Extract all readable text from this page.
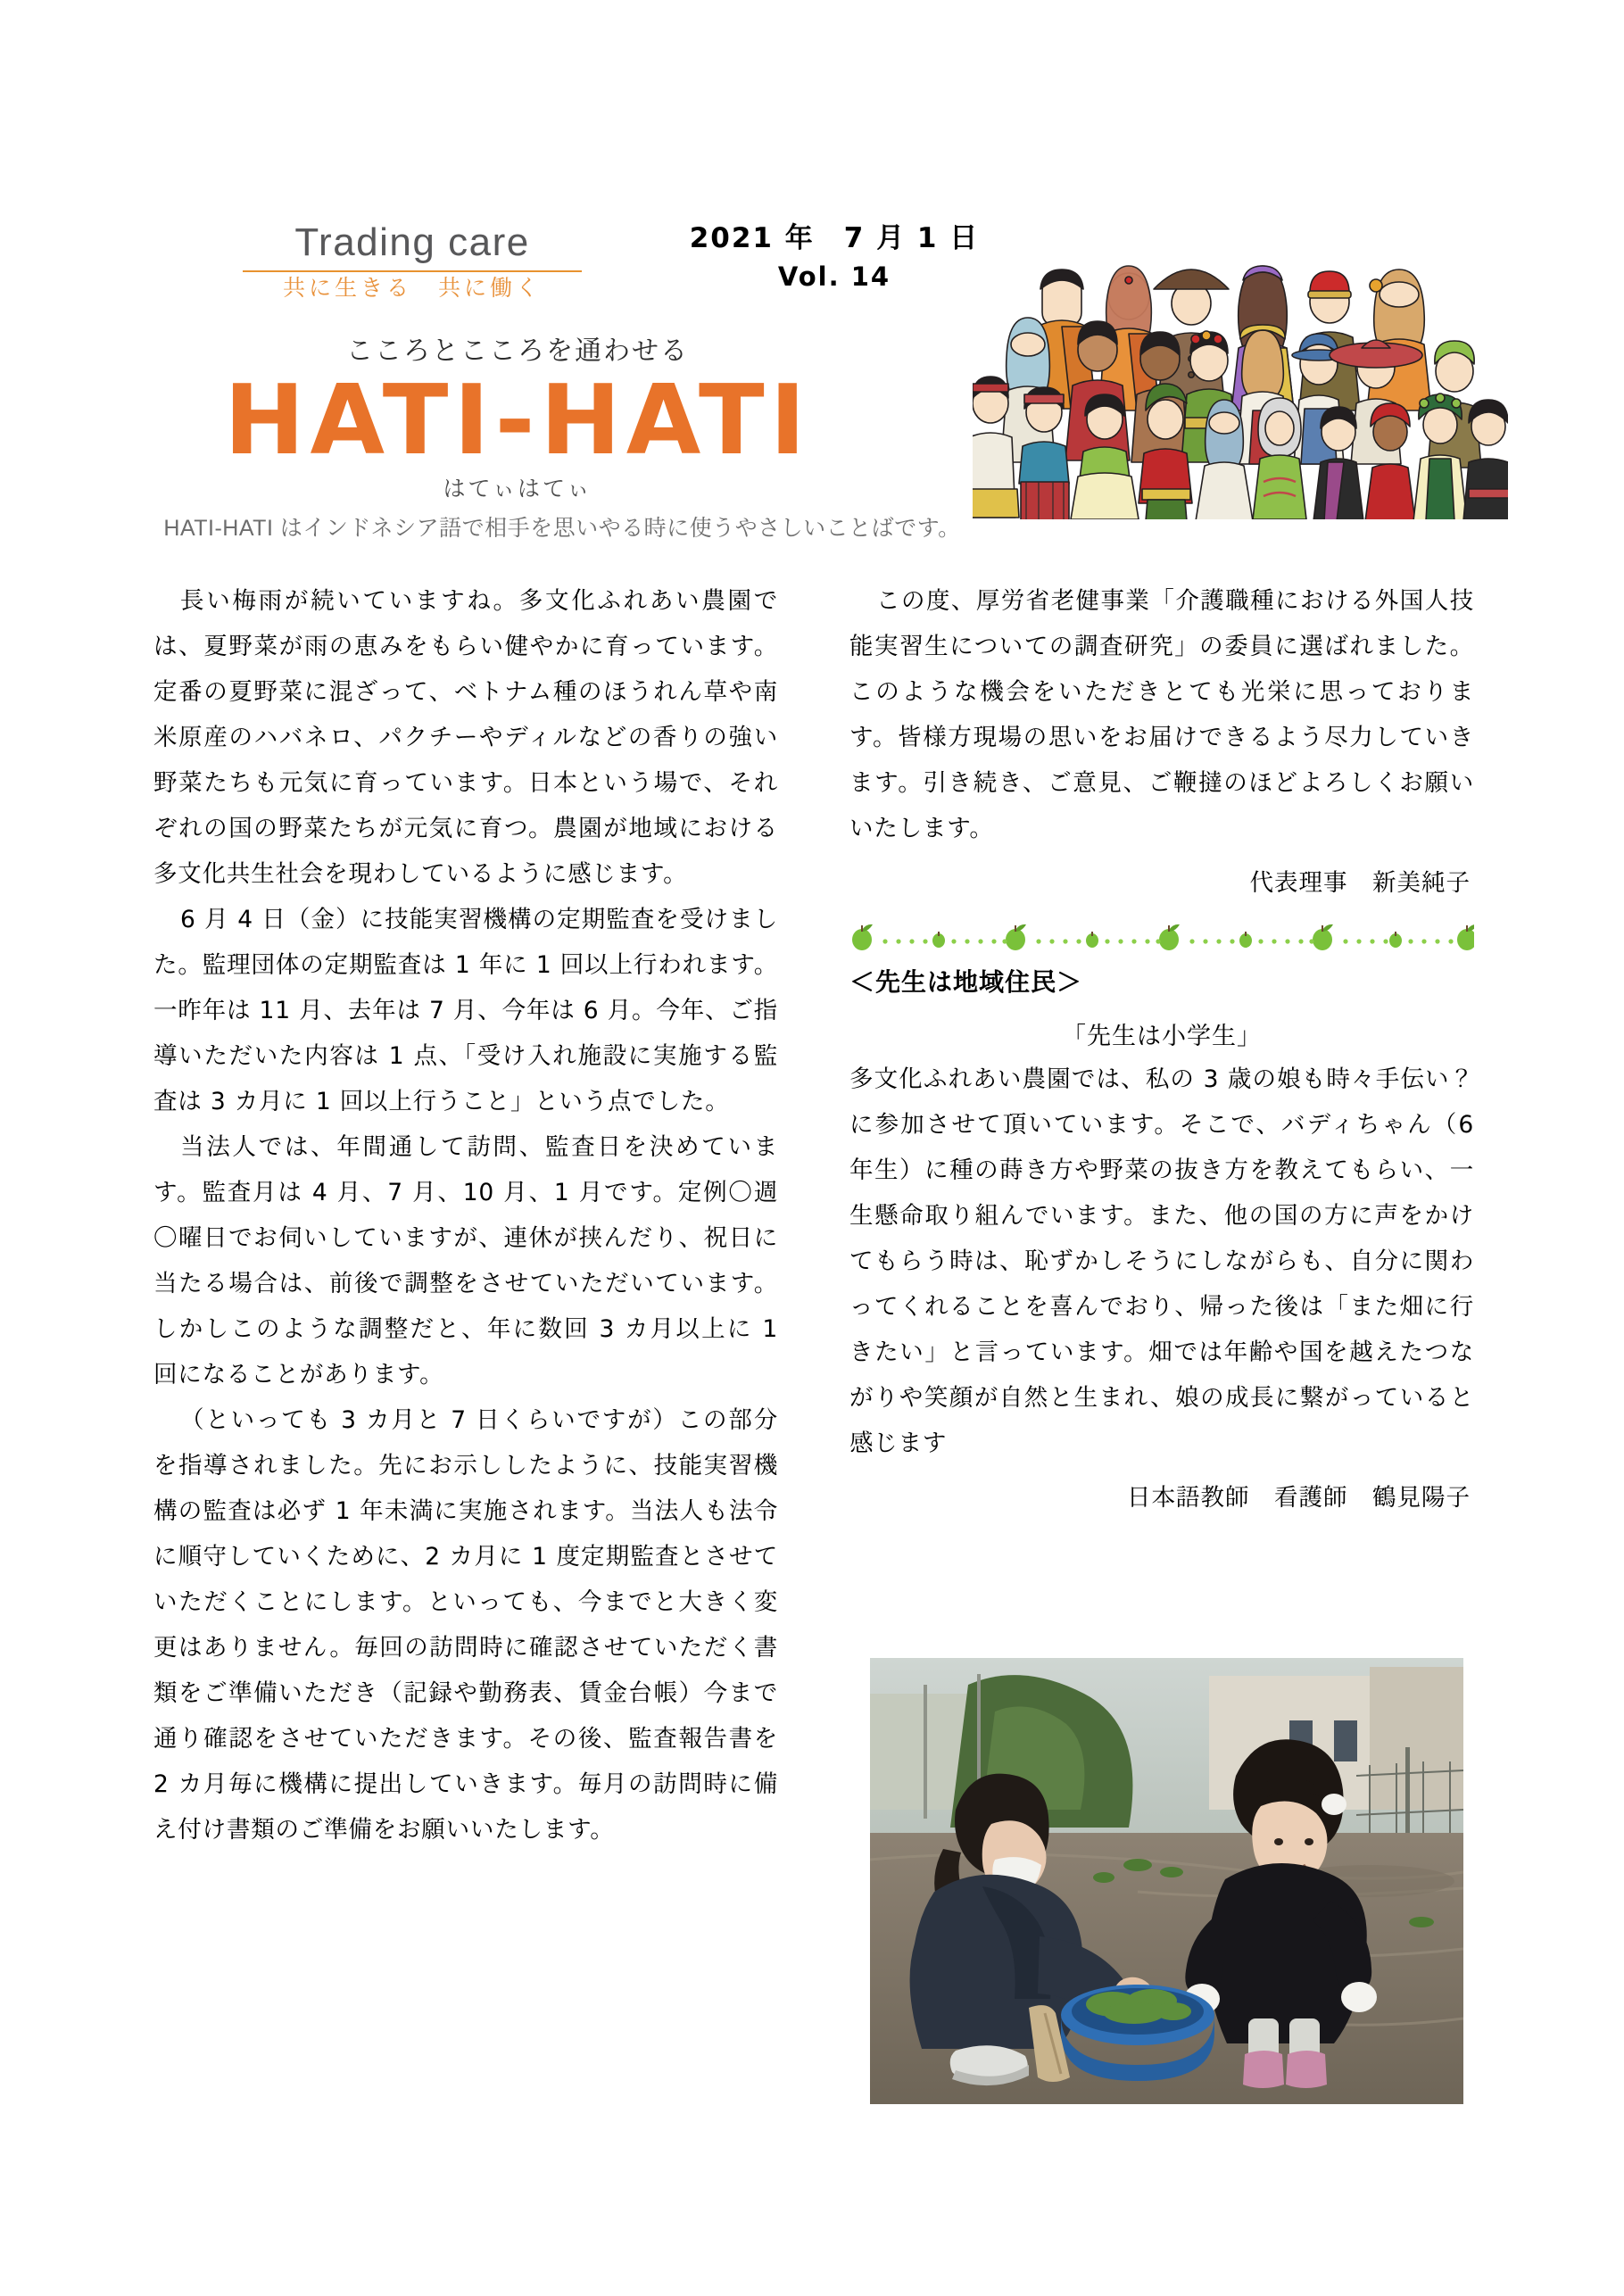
Trading care
共に生きる　共に働く
2021 年　7 月 1 日
Vol. 14
こころとこころを通わせる
HATI-HATI
はてぃはてぃ
HATI-HATI はインドネシア語で相手を思いやる時に使うやさしいことばです。

長い梅雨が続いていますね。多文化ふれあい農園では、夏野菜が雨の恵みをもらい健やかに育っています。定番の夏野菜に混ざって、ベトナム種のほうれん草や南米原産のハバネロ、パクチーやディルなどの香りの強い野菜たちも元気に育っています。日本という場で、それぞれの国の野菜たちが元気に育つ。農園が地域における多文化共生社会を現わしているように感じます。

6 月 4 日（金）に技能実習機構の定期監査を受けました。監理団体の定期監査は 1 年に 1 回以上行われます。一昨年は 11 月、去年は 7 月、今年は 6 月。今年、ご指導いただいた内容は 1 点、「受け入れ施設に実施する監査は 3 カ月に 1 回以上行うこと」という点でした。

当法人では、年間通して訪問、監査日を決めています。監査月は 4 月、7 月、10 月、1 月です。定例〇週〇曜日でお伺いしていますが、連休が挟んだり、祝日に当たる場合は、前後で調整をさせていただいています。しかしこのような調整だと、年に数回 3 カ月以上に 1 回になることがあります。

（といっても 3 カ月と 7 日くらいですが）この部分を指導されました。先にお示ししたように、技能実習機構の監査は必ず 1 年未満に実施されます。当法人も法令に順守していくために、2 カ月に 1 度定期監査とさせていただくことにします。といっても、今までと大きく変更はありません。毎回の訪問時に確認させていただく書類をご準備いただき（記録や勤務表、賃金台帳）今まで通り確認をさせていただきます。その後、監査報告書を 2 カ月毎に機構に提出していきます。毎月の訪問時に備え付け書類のご準備をお願いいたします。

この度、厚労省老健事業「介護職種における外国人技能実習生についての調査研究」の委員に選ばれました。このような機会をいただきとても光栄に思っております。皆様方現場の思いをお届けできるよう尽力していきます。引き続き、ご意見、ご鞭撻のほどよろしくお願いいたします。

代表理事　新美純子

＜先生は地域住民＞
「先生は小学生」

多文化ふれあい農園では、私の 3 歳の娘も時々手伝い？に参加させて頂いています。そこで、バディちゃん（6 年生）に種の蒔き方や野菜の抜き方を教えてもらい、一生懸命取り組んでいます。また、他の国の方に声をかけてもらう時は、恥ずかしそうにしながらも、自分に関わってくれることを喜んでおり、帰った後は「また畑に行きたい」と言っています。畑では年齢や国を越えたつながりや笑顔が自然と生まれ、娘の成長に繋がっていると感じます

日本語教師　看護師　鶴見陽子
